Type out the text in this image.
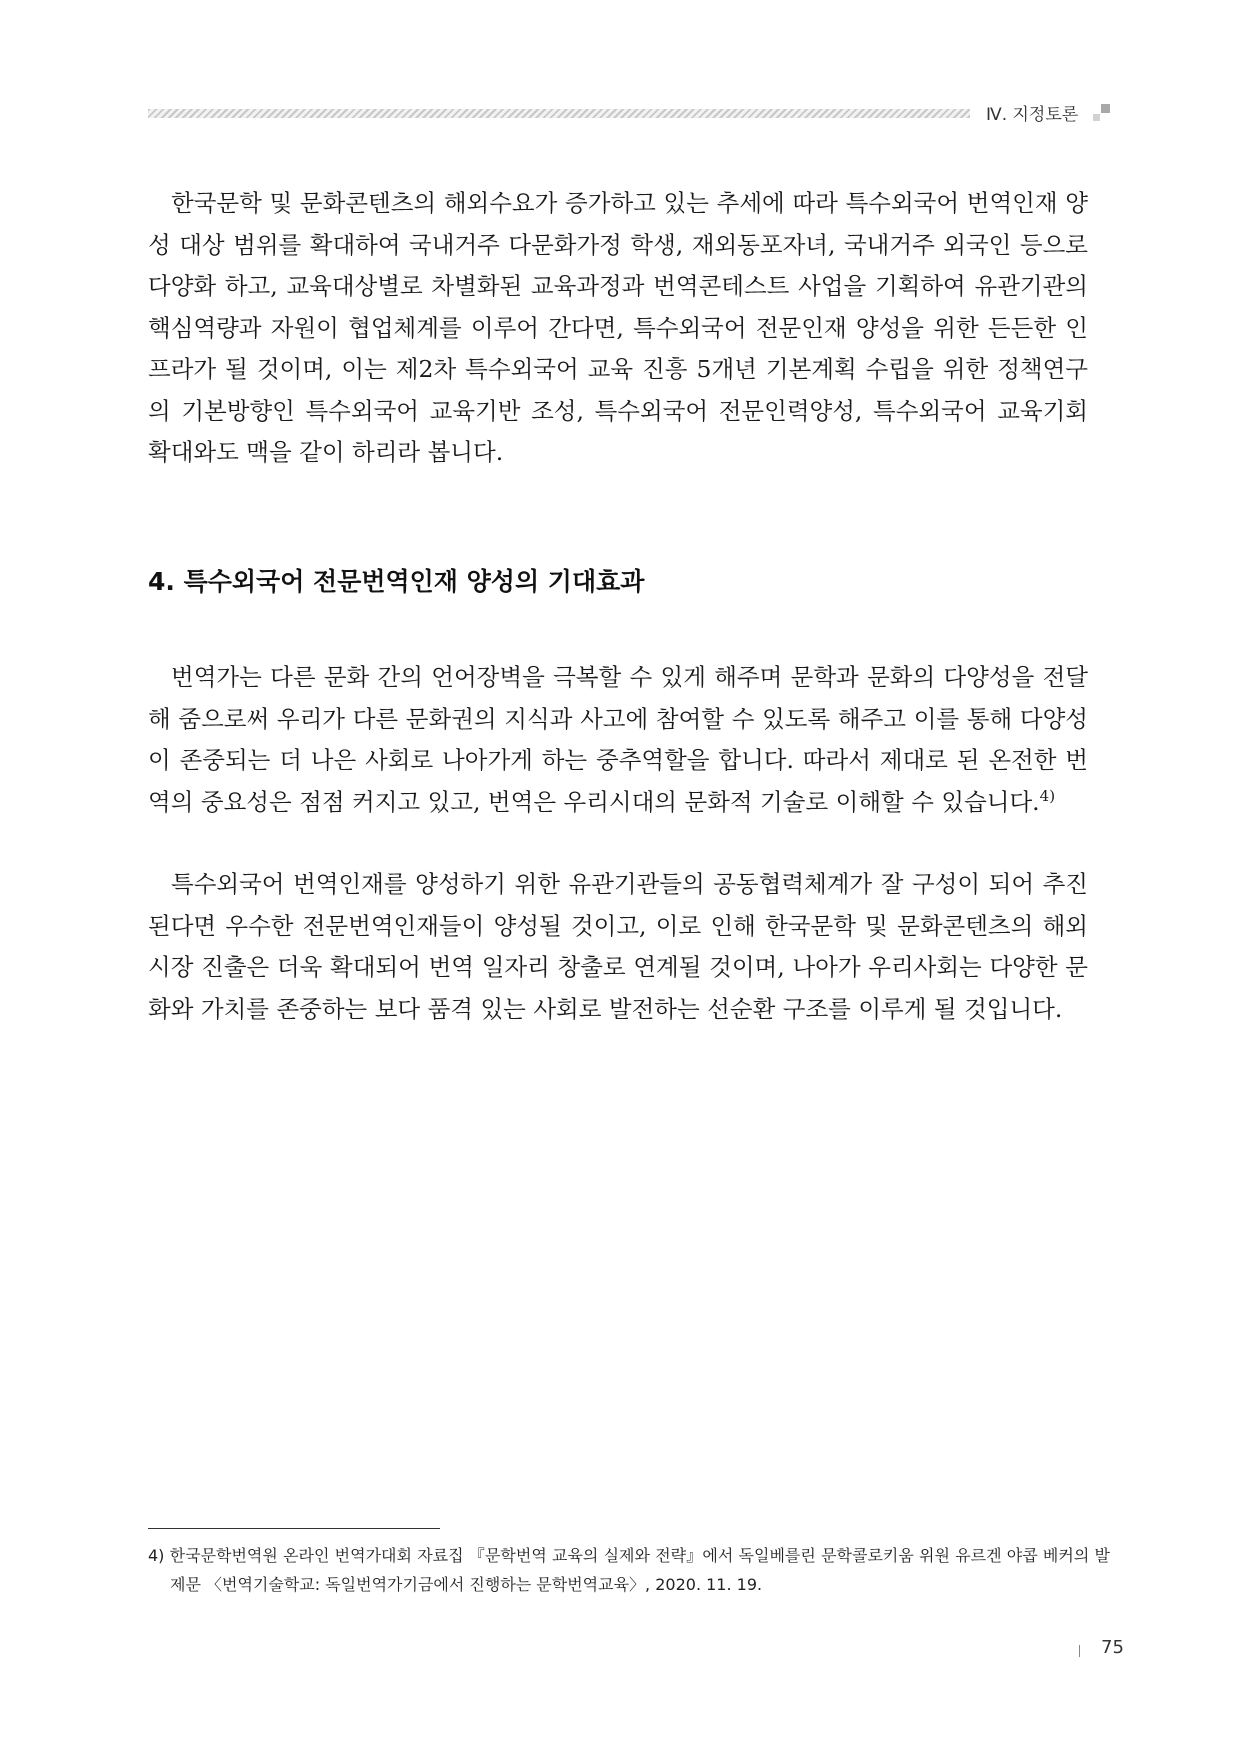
Ⅳ. 지정토론

한국문학 및 문화콘텐츠의 해외수요가 증가하고 있는 추세에 따라 특수외국어 번역인재 양성 대상 범위를 확대하여 국내거주 다문화가정 학생, 재외동포자녀, 국내거주 외국인 등으로 다양화 하고, 교육대상별로 차별화된 교육과정과 번역콘테스트 사업을 기획하여 유관기관의 핵심역량과 자원이 협업체계를 이루어 간다면, 특수외국어 전문인재 양성을 위한 든든한 인프라가 될 것이며, 이는 제2차 특수외국어 교육 진흥 5개년 기본계획 수립을 위한 정책연구의 기본방향인 특수외국어 교육기반 조성, 특수외국어 전문인력양성, 특수외국어 교육기회 확대와도 맥을 같이 하리라 봅니다.

4. 특수외국어 전문번역인재 양성의 기대효과

번역가는 다른 문화 간의 언어장벽을 극복할 수 있게 해주며 문학과 문화의 다양성을 전달해 줌으로써 우리가 다른 문화권의 지식과 사고에 참여할 수 있도록 해주고 이를 통해 다양성이 존중되는 더 나은 사회로 나아가게 하는 중추역할을 합니다. 따라서 제대로 된 온전한 번역의 중요성은 점점 커지고 있고, 번역은 우리시대의 문화적 기술로 이해할 수 있습니다.$^{4)}$

특수외국어 번역인재를 양성하기 위한 유관기관들의 공동협력체계가 잘 구성이 되어 추진된다면 우수한 전문번역인재들이 양성될 것이고, 이로 인해 한국문학 및 문화콘텐츠의 해외시장 진출은 더욱 확대되어 번역 일자리 창출로 연계될 것이며, 나아가 우리사회는 다양한 문화와 가치를 존중하는 보다 품격 있는 사회로 발전하는 선순환 구조를 이루게 될 것입니다.

4) 한국문학번역원 온라인 번역가대회 자료집 『문학번역 교육의 실제와 전략』에서 독일베를린 문학콜로키움 위원 유르겐 야콥 베커의 발제문 〈번역기술학교: 독일번역가기금에서 진행하는 문학번역교육〉, 2020. 11. 19.

75
